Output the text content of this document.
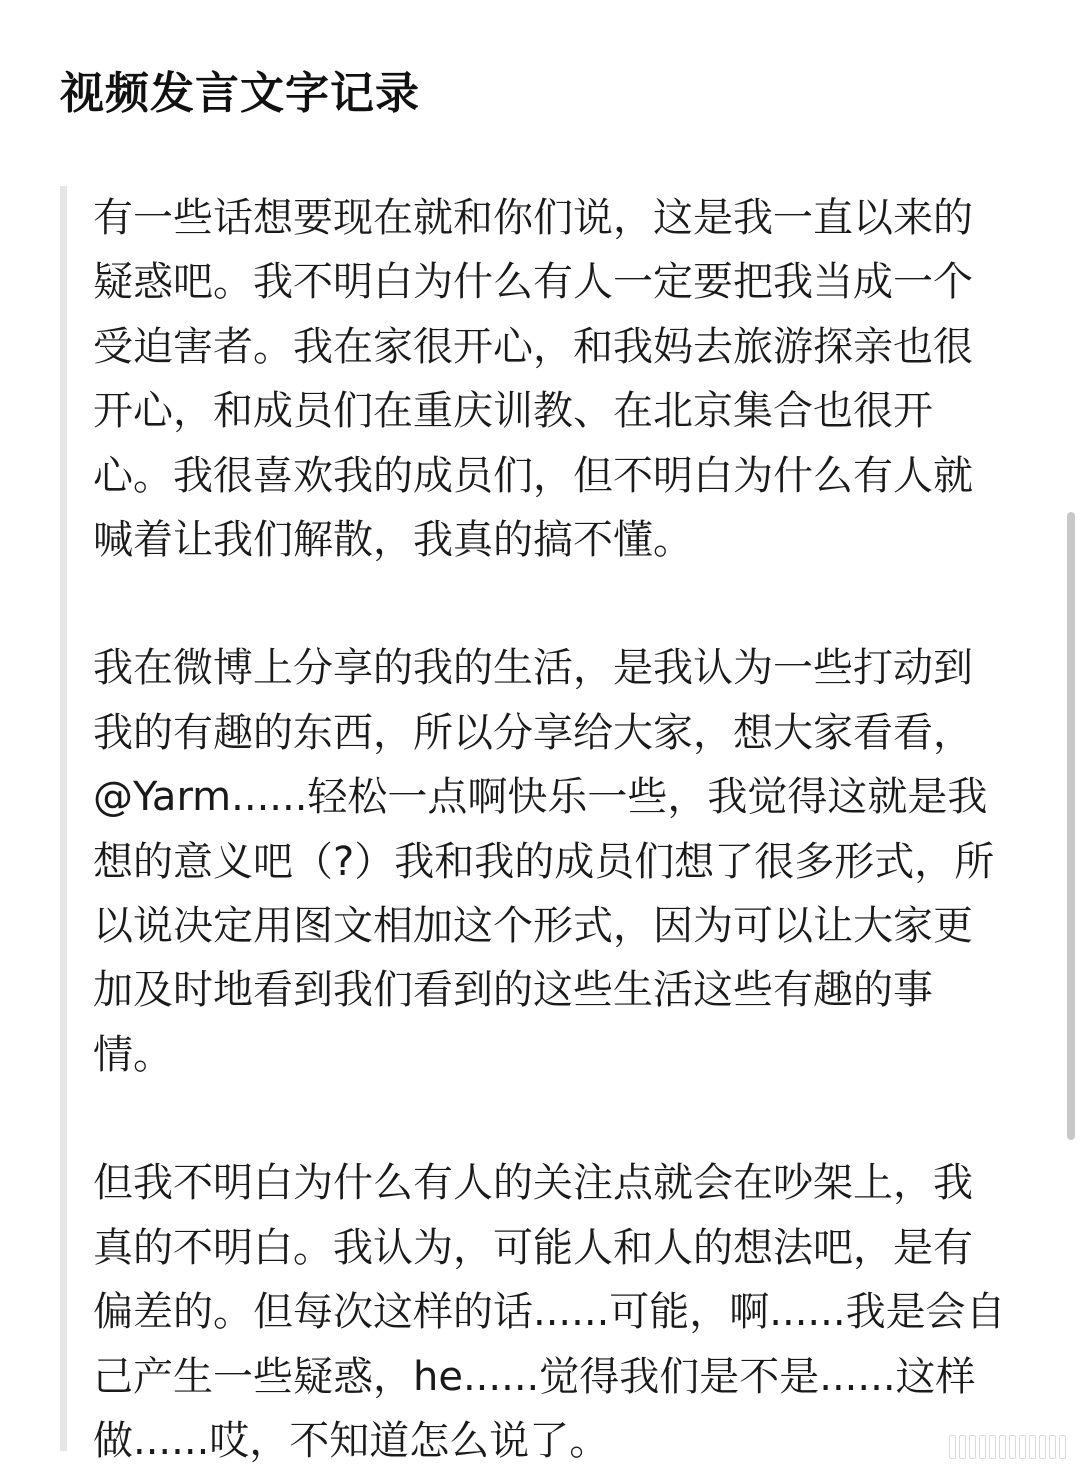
视频发言文字记录

有一些话想要现在就和你们说，这是我一直以来的
疑惑吧。我不明白为什么有人一定要把我当成一个
受迫害者。我在家很开心，和我妈去旅游探亲也很
开心，和成员们在重庆训教、在北京集合也很开
心。我很喜欢我的成员们，但不明白为什么有人就
喊着让我们解散，我真的搞不懂。

我在微博上分享的我的生活，是我认为一些打动到
我的有趣的东西，所以分享给大家，想大家看看，
@Yarm......轻松一点啊快乐一些，我觉得这就是我
想的意义吧（?）我和我的成员们想了很多形式，所
以说决定用图文相加这个形式，因为可以让大家更
加及时地看到我们看到的这些生活这些有趣的事
情。

但我不明白为什么有人的关注点就会在吵架上，我
真的不明白。我认为，可能人和人的想法吧，是有
偏差的。但每次这样的话......可能，啊......我是会自
己产生一些疑惑，he......觉得我们是不是......这样
做......哎，不知道怎么说了。
